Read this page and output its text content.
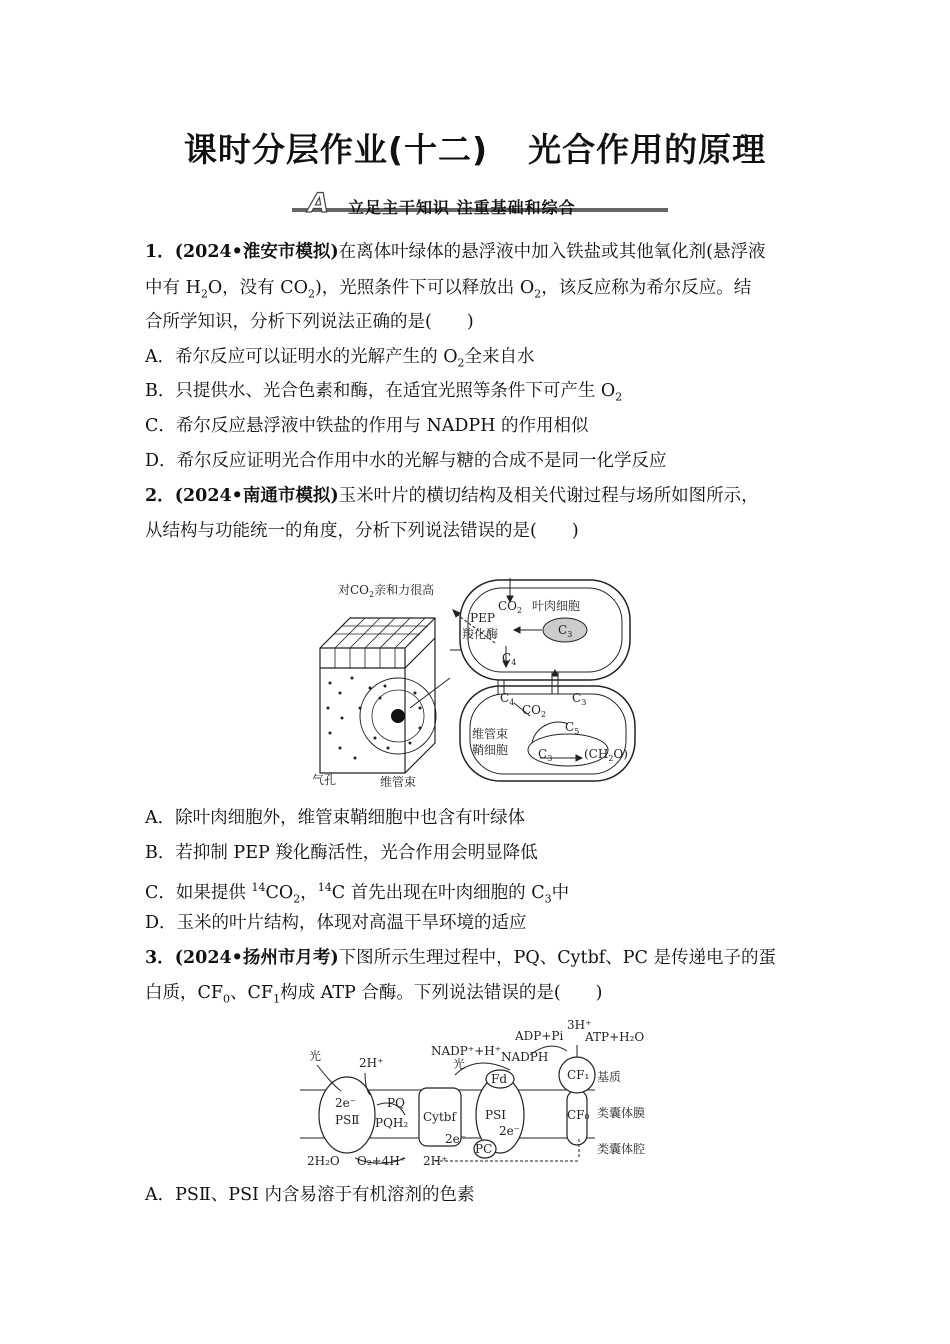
课时分层作业(十二) 光合作用的原理
A 立足主干知识 注重基础和综合
1．(2024•淮安市模拟)在离体叶绿体的悬浮液中加入铁盐或其他氧化剂(悬浮液
中有 $H_2O$，没有 $CO_2$)，光照条件下可以释放出 $O_2$，该反应称为希尔反应。结
合所学知识，分析下列说法正确的是(　　)
A．希尔反应可以证明水的光解产生的 $O_2$全来自水
B．只提供水、光合色素和酶，在适宜光照等条件下可产生 $O_2$
C．希尔反应悬浮液中铁盐的作用与 NADPH 的作用相似
D．希尔反应证明光合作用中水的光解与糖的合成不是同一化学反应
2．(2024•南通市模拟)玉米叶片的横切结构及相关代谢过程与场所如图所示，
从结构与功能统一的角度，分析下列说法错误的是(　　)
对$CO_2$亲和力很高
PEP
羧化酶
$CO_2$ 叶肉细胞
$C_3$
$C_4$
$C_4$	$C_3$
$CO_2$
$C_5$
$C_3$	$(CH_2O)$
维管束
鞘细胞
气孔	维管束
A．除叶肉细胞外，维管束鞘细胞中也含有叶绿体
B．若抑制 PEP 羧化酶活性，光合作用会明显降低
C．如果提供 $^{14}CO_2$，$^{14}$C 首先出现在叶肉细胞的 $C_3$中
D．玉米的叶片结构，体现对高温干旱环境的适应
3．(2024•扬州市月考)下图所示生理过程中，PQ、Cytbf、PC 是传递电子的蛋
白质，$CF_0$、$CF_1$构成 ATP 合酶。下列说法错误的是(　　)
光	2H⁺
2e⁻
PSⅡ
PQ
PQH₂ Cytbf
2e⁻
NADP⁺+H⁺
光	NADPH
Fd
PSⅠ
2e⁻
PC
ADP+Pi
3H⁺
ATP+H₂O
CF₁
CF₀
基质
类囊体膜
类囊体腔
2H₂O O₂+4H⁺ 2H⁺
A．PSⅡ、PSⅠ 内含易溶于有机溶剂的色素
